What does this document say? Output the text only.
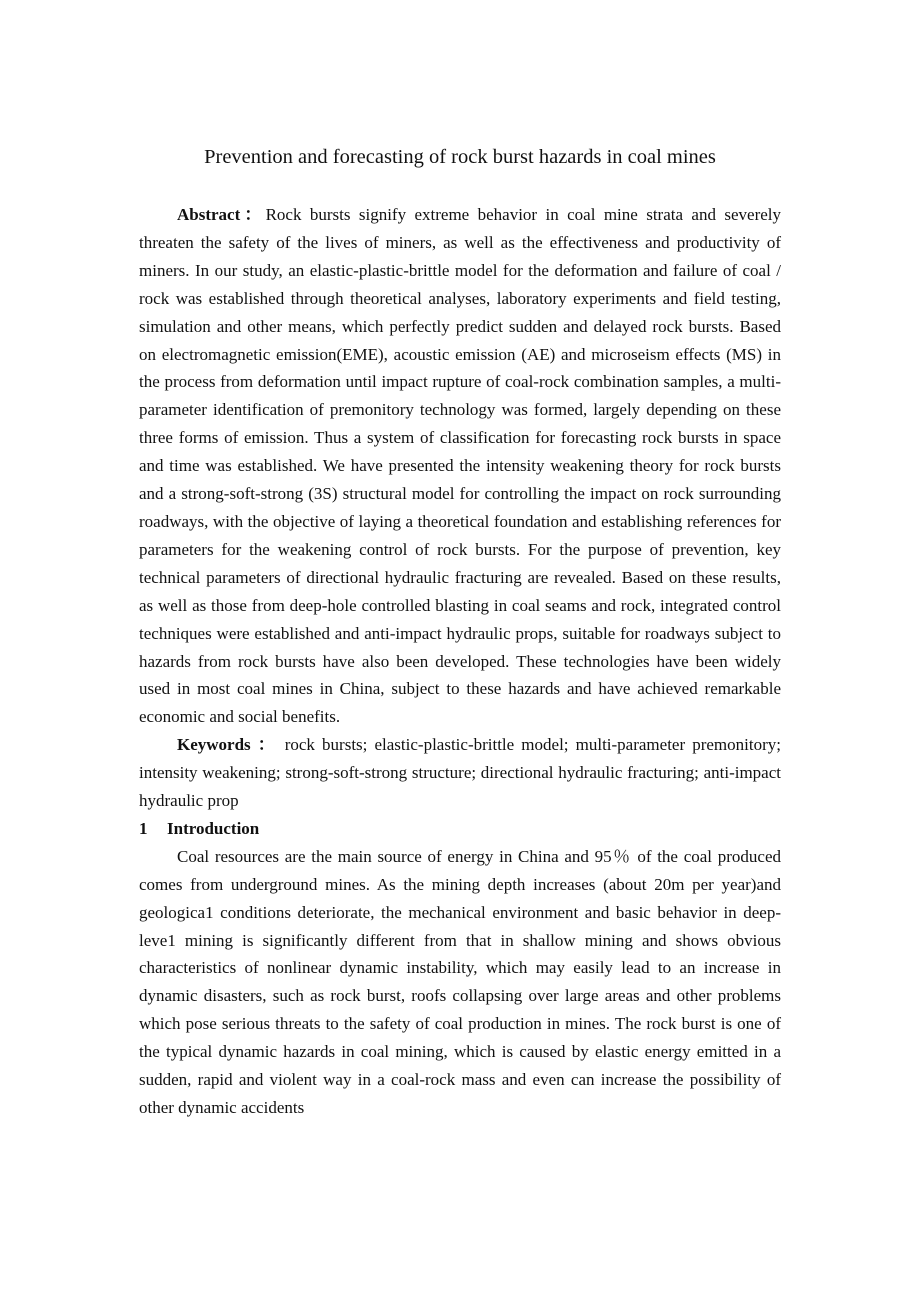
Prevention and forecasting of rock burst hazards in coal mines

Abstract：Rock bursts signify extreme behavior in coal mine strata and severely threaten the safety of the lives of miners, as well as the effectiveness and productivity of miners. In our study, an elastic-plastic-brittle model for the deformation and failure of coal / rock was established through theoretical analyses, laboratory experiments and field testing, simulation and other means, which perfectly predict sudden and delayed rock bursts. Based on electromagnetic emission(EME), acoustic emission (AE) and microseism effects (MS) in the process from deformation until impact rupture of coal-rock combination samples, a multi-parameter identification of premonitory technology was formed, largely depending on these three forms of emission. Thus a system of classification for forecasting rock bursts in space and time was established. We have presented the intensity weakening theory for rock bursts and a strong-soft-strong (3S) structural model for controlling the impact on rock surrounding roadways, with the objective of laying a theoretical foundation and establishing references for parameters for the weakening control of rock bursts. For the purpose of prevention, key technical parameters of directional hydraulic fracturing are revealed. Based on these results, as well as those from deep-hole controlled blasting in coal seams and rock, integrated control techniques were established and anti-impact hydraulic props, suitable for roadways subject to hazards from rock bursts have also been developed. These technologies have been widely used in most coal mines in China, subject to these hazards and have achieved remarkable economic and social benefits.

Keywords ： rock bursts; elastic-plastic-brittle model; multi-parameter premonitory; intensity weakening; strong-soft-strong structure; directional hydraulic fracturing; anti-impact hydraulic prop

1 Introduction

Coal resources are the main source of energy in China and 95％ of the coal produced comes from underground mines. As the mining depth increases (about 20m per year)and geologica1 conditions deteriorate, the mechanical environment and basic behavior in deep-leve1 mining is significantly different from that in shallow mining and shows obvious characteristics of nonlinear dynamic instability, which may easily lead to an increase in dynamic disasters, such as rock burst, roofs collapsing over large areas and other problems which pose serious threats to the safety of coal production in mines. The rock burst is one of the typical dynamic hazards in coal mining, which is caused by elastic energy emitted in a sudden, rapid and violent way in a coal-rock mass and even can increase the possibility of other dynamic accidents
